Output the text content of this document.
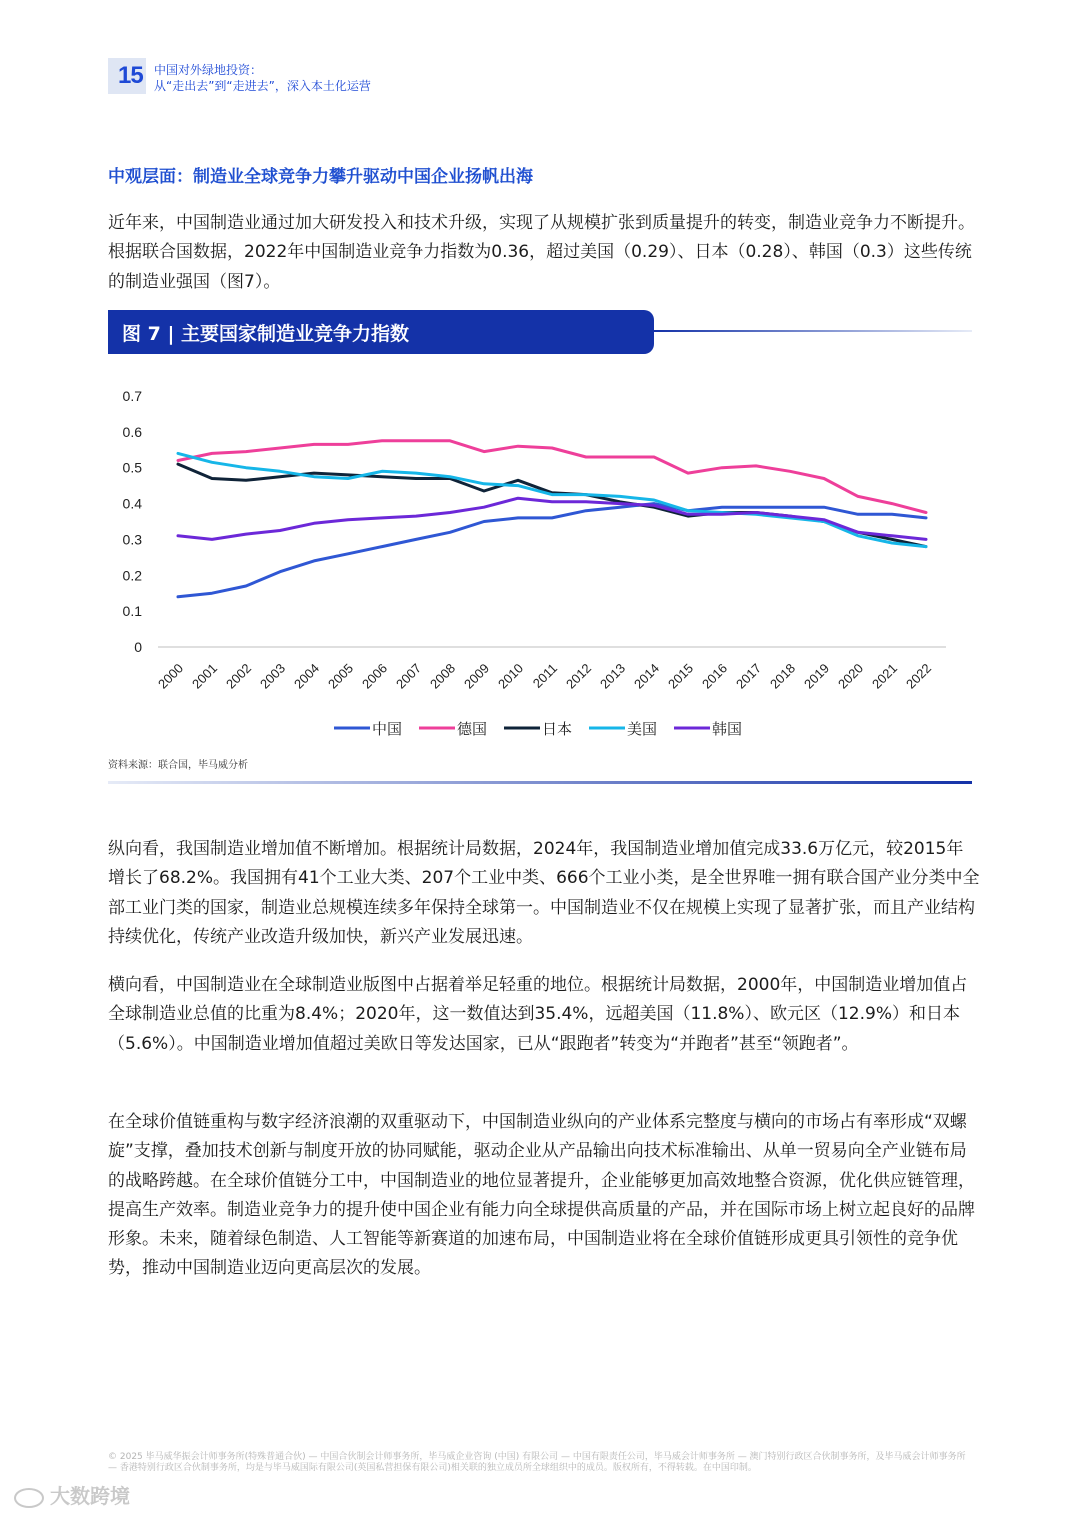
15 中国对外绿地投资：
从“走出去”到“走进去”，深入本土化运营
中观层面：制造业全球竞争力攀升驱动中国企业扬帆出海

近年来，中国制造业通过加大研发投入和技术升级，实现了从规模扩张到质量提升的转变，制造业竞争力不断提升。根据联合国数据，2022年中国制造业竞争力指数为0.36，超过美国（0.29）、日本（0.28）、韩国（0.3）这些传统的制造业强国（图7）。

图 7 | 主要国家制造业竞争力指数
0
0.1
0.2
0.3
0.4
0.5
0.6
0.7
2000 2001 2002 2003 2004 2005 2006 2007 2008 2009 2010 2011 2012 2013 2014 2015 2016 2017 2018 2019 2020 2021 2022
中国	德国	日本	美国	韩国
资料来源：联合国，毕马威分析

纵向看，我国制造业增加值不断增加。根据统计局数据，2024年，我国制造业增加值完成33.6万亿元，较2015年增长了68.2%。我国拥有41个工业大类、207个工业中类、666个工业小类，是全世界唯一拥有联合国产业分类中全部工业门类的国家，制造业总规模连续多年保持全球第一。中国制造业不仅在规模上实现了显著扩张，而且产业结构持续优化，传统产业改造升级加快，新兴产业发展迅速。

横向看，中国制造业在全球制造业版图中占据着举足轻重的地位。根据统计局数据，2000年，中国制造业增加值占全球制造业总值的比重为8.4%；2020年，这一数值达到35.4%，远超美国（11.8%）、欧元区（12.9%）和日本（5.6%）。中国制造业增加值超过美欧日等发达国家，已从“跟跑者”转变为“并跑者”甚至“领跑者”。

在全球价值链重构与数字经济浪潮的双重驱动下，中国制造业纵向的产业体系完整度与横向的市场占有率形成“双螺旋”支撑，叠加技术创新与制度开放的协同赋能，驱动企业从产品输出向技术标准输出、从单一贸易向全产业链布局的战略跨越。在全球价值链分工中，中国制造业的地位显著提升，企业能够更加高效地整合资源，优化供应链管理，提高生产效率。制造业竞争力的提升使中国企业有能力向全球提供高质量的产品，并在国际市场上树立起良好的品牌形象。未来，随着绿色制造、人工智能等新赛道的加速布局，中国制造业将在全球价值链形成更具引领性的竞争优势，推动中国制造业迈向更高层次的发展。

© 2025 毕马威华振会计师事务所(特殊普通合伙) — 中国合伙制会计师事务所，毕马威企业咨询 (中国) 有限公司 — 中国有限责任公司，毕马威会计师事务所 — 澳门特别行政区合伙制事务所，及毕马威会计师事务所 — 香港特别行政区合伙制事务所，均是与毕马威国际有限公司(英国私营担保有限公司)相关联的独立成员所全球组织中的成员。版权所有，不得转载。在中国印制。
大数跨境
